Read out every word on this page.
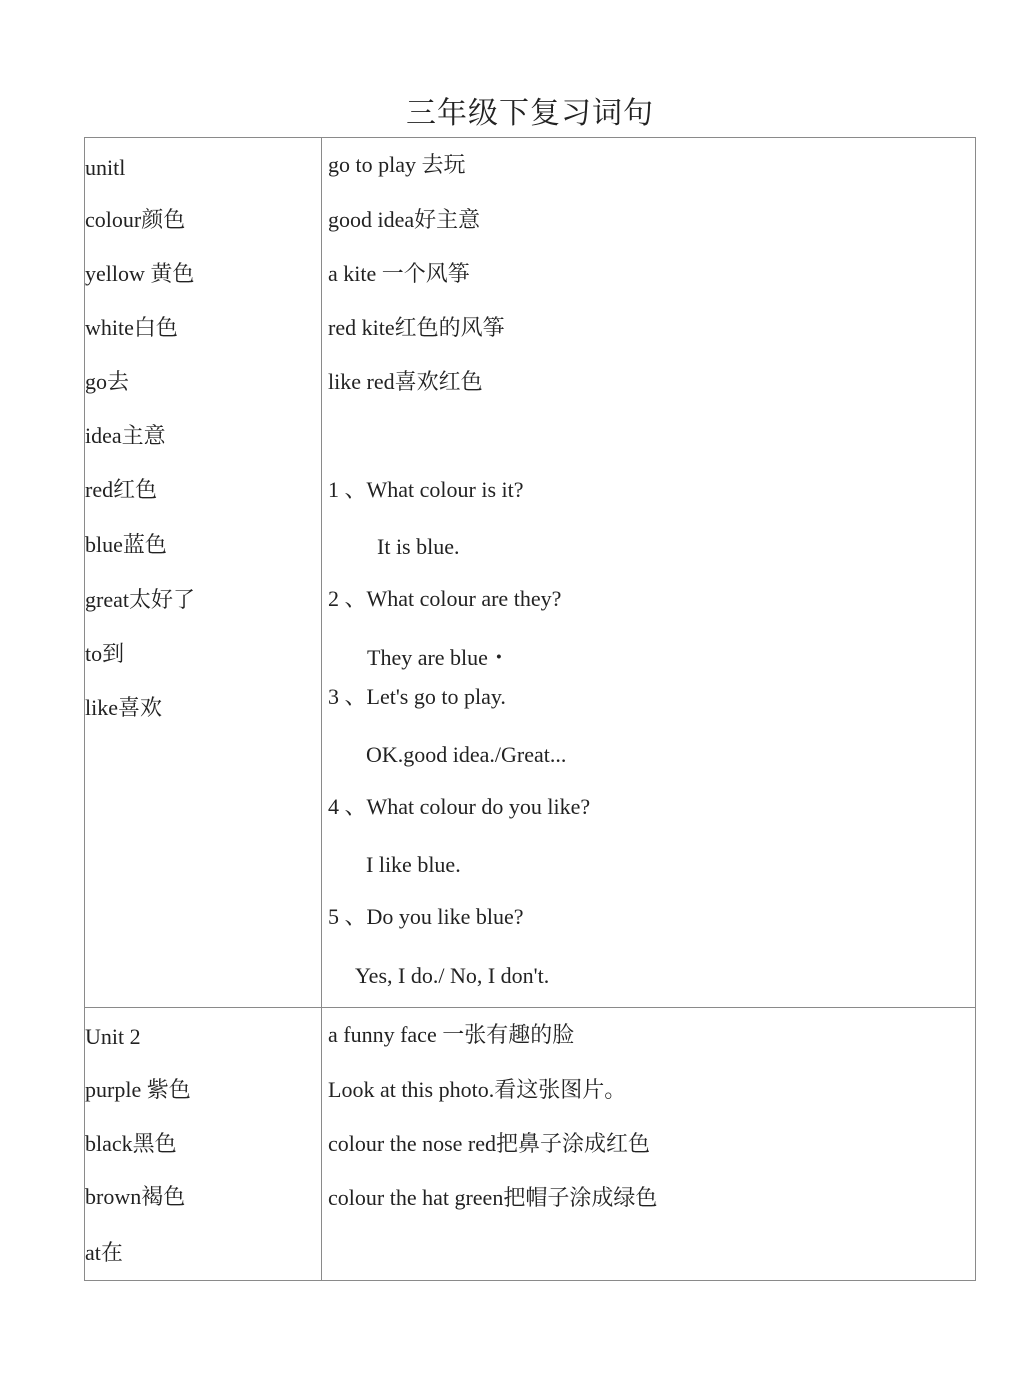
三年级下复习词句
unitl
colour颜色
yellow 黄色
white白色
go去
idea主意
red红色
blue蓝色
great太好了
to到
like喜欢
go to play 去玩
good idea好主意
a kite 一个风筝
red kite红色的风筝
like red喜欢红色
1 、What colour is it?
It is blue.
2 、What colour are they?
They are blue・
3 、Let's go to play.
OK.good idea./Great...
4 、What colour do you like?
I like blue.
5 、Do you like blue?
Yes, I do./ No, I don't.
Unit 2
purple 紫色
black黑色
brown褐色
at在
a funny face 一张有趣的脸
Look at this photo.看这张图片。
colour the nose red把鼻子涂成红色
colour the hat green把帽子涂成绿色
